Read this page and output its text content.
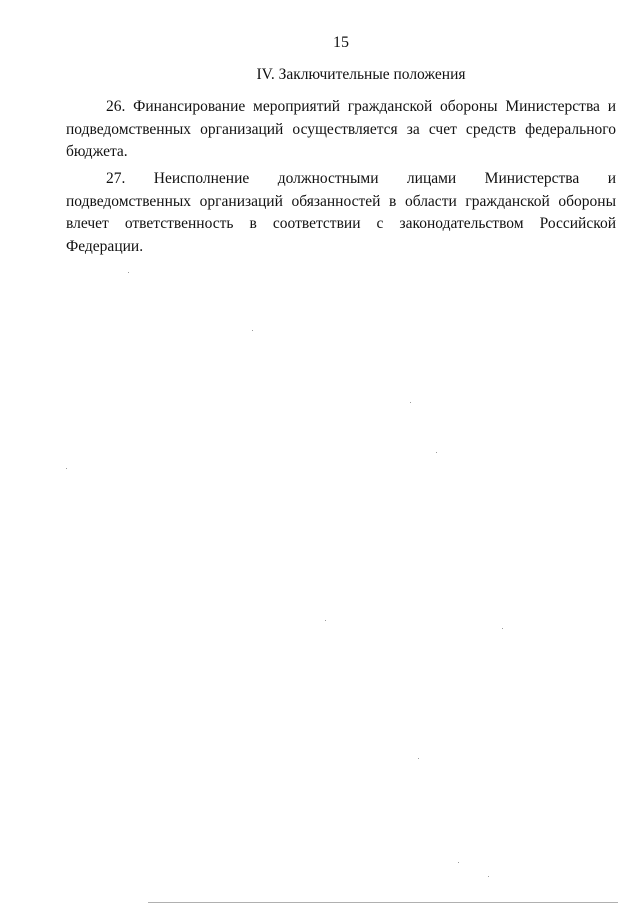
15
IV. Заключительные положения

26. Финансирование мероприятий гражданской обороны Министерства и подведомственных организаций осуществляется за счет средств федерального бюджета.

27. Неисполнение должностными лицами Министерства и подведомственных организаций обязанностей в области гражданской обороны влечет ответственность в соответствии с законодательством Российской Федерации.
